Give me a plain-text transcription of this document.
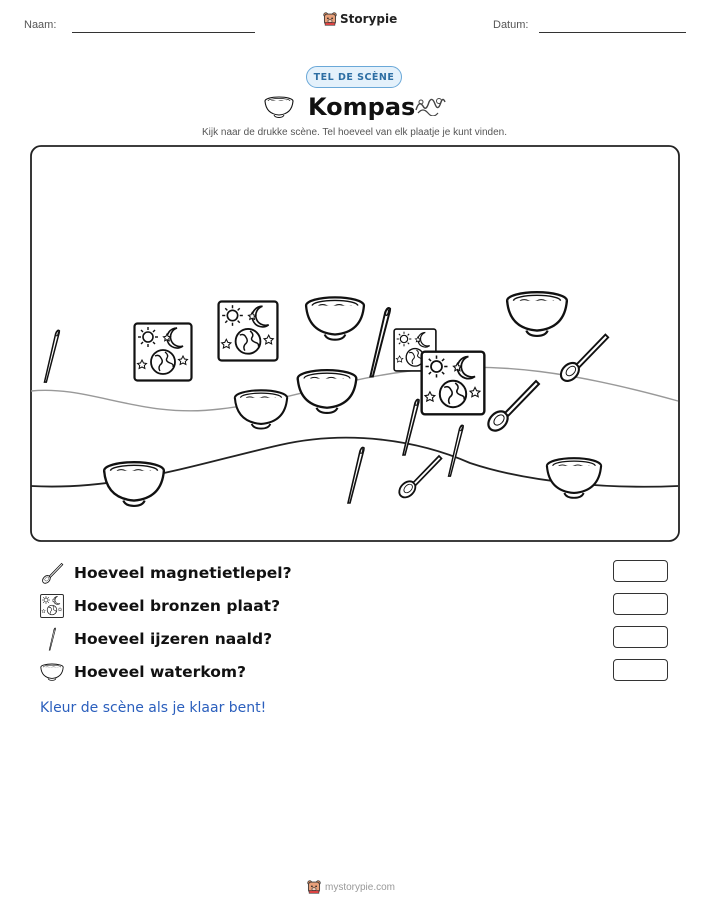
Naam:	Storypie	Datum:
TEL DE SCÈNE
Kompas
Kijk naar de drukke scène. Tel hoeveel van elk plaatje je kunt vinden.
Hoeveel magnetietlepel?
Hoeveel bronzen plaat?
Hoeveel ijzeren naald?
Hoeveel waterkom?
Kleur de scène als je klaar bent!
mystorypie.com
